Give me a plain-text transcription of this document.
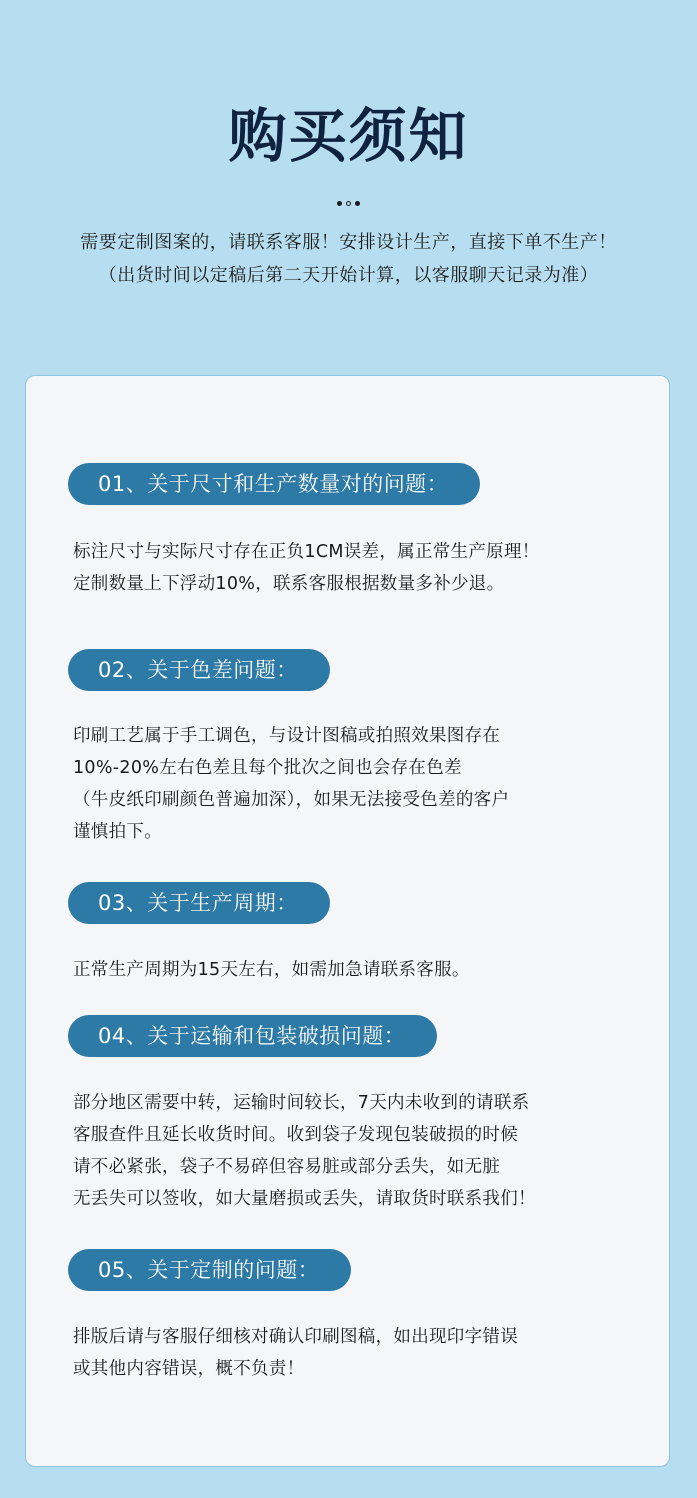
购买须知
需要定制图案的，请联系客服！安排设计生产，直接下单不生产！
（出货时间以定稿后第二天开始计算，以客服聊天记录为准）
01、关于尺寸和生产数量对的问题：
标注尺寸与实际尺寸存在正负1CM误差，属正常生产原理！
定制数量上下浮动10%，联系客服根据数量多补少退。
02、关于色差问题：
印刷工艺属于手工调色，与设计图稿或拍照效果图存在
10%-20%左右色差且每个批次之间也会存在色差
（牛皮纸印刷颜色普遍加深），如果无法接受色差的客户
谨慎拍下。
03、关于生产周期：
正常生产周期为15天左右，如需加急请联系客服。
04、关于运输和包装破损问题：
部分地区需要中转，运输时间较长，7天内未收到的请联系
客服查件且延长收货时间。收到袋子发现包装破损的时候
请不必紧张，袋子不易碎但容易脏或部分丢失，如无脏
无丢失可以签收，如大量磨损或丢失，请取货时联系我们！
05、关于定制的问题：
排版后请与客服仔细核对确认印刷图稿，如出现印字错误
或其他内容错误，概不负责！
